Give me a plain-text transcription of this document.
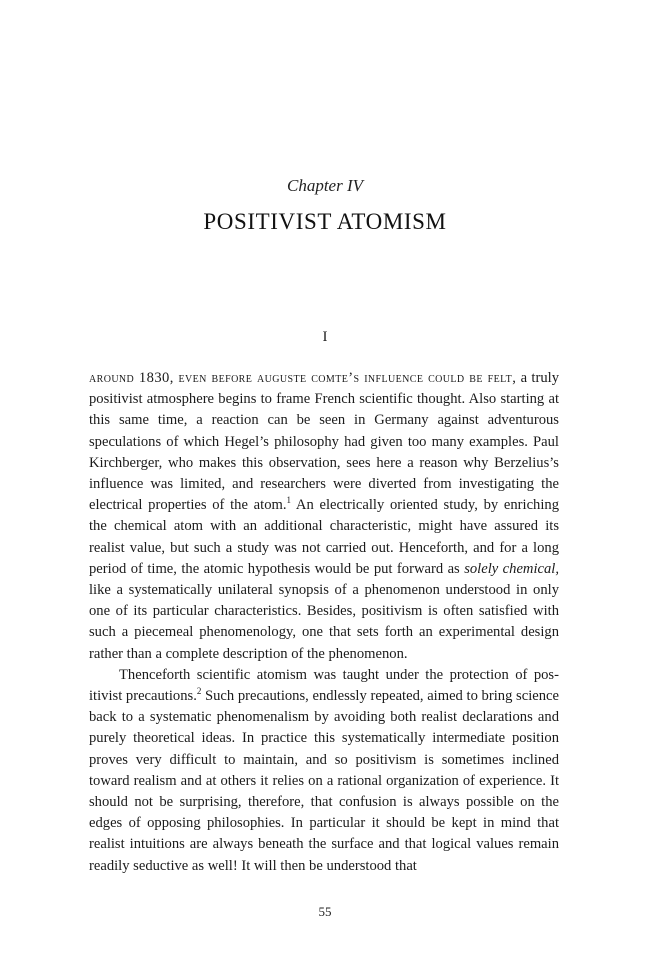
Chapter IV
POSITIVIST ATOMISM
I

around 1830, even before auguste comte’s influence could be felt, a truly positivist atmosphere begins to frame French scientific thought. Also starting at this same time, a reaction can be seen in Germany against adventurous speculations of which Hegel’s philosophy had given too many examples. Paul Kirchberger, who makes this observation, sees here a reason why Berzelius’s influence was limited, and researchers were diverted from investigating the electrical properties of the atom.$^1$ An electrically oriented study, by enriching the chemical atom with an additional characteristic, might have assured its realist value, but such a study was not carried out. Henceforth, and for a long period of time, the atomic hypothesis would be put forward as solely chemical, like a systematically unilateral synopsis of a phenomenon understood in only one of its particular characteristics. Besides, positivism is often satisfied with such a piecemeal phenomenology, one that sets forth an experimental design rather than a complete description of the phenomenon.

Thenceforth scientific atomism was taught under the protection of positivist precautions.$^2$ Such precautions, endlessly repeated, aimed to bring science back to a systematic phenomenalism by avoiding both realist declarations and purely theoretical ideas. In practice this systematically intermediate position proves very difficult to maintain, and so positivism is sometimes inclined toward realism and at others it relies on a rational organization of experience. It should not be surprising, therefore, that confusion is always possible on the edges of opposing philosophies. In particular it should be kept in mind that realist intuitions are always beneath the surface and that logical values remain readily seductive as well! It will then be understood that

55
